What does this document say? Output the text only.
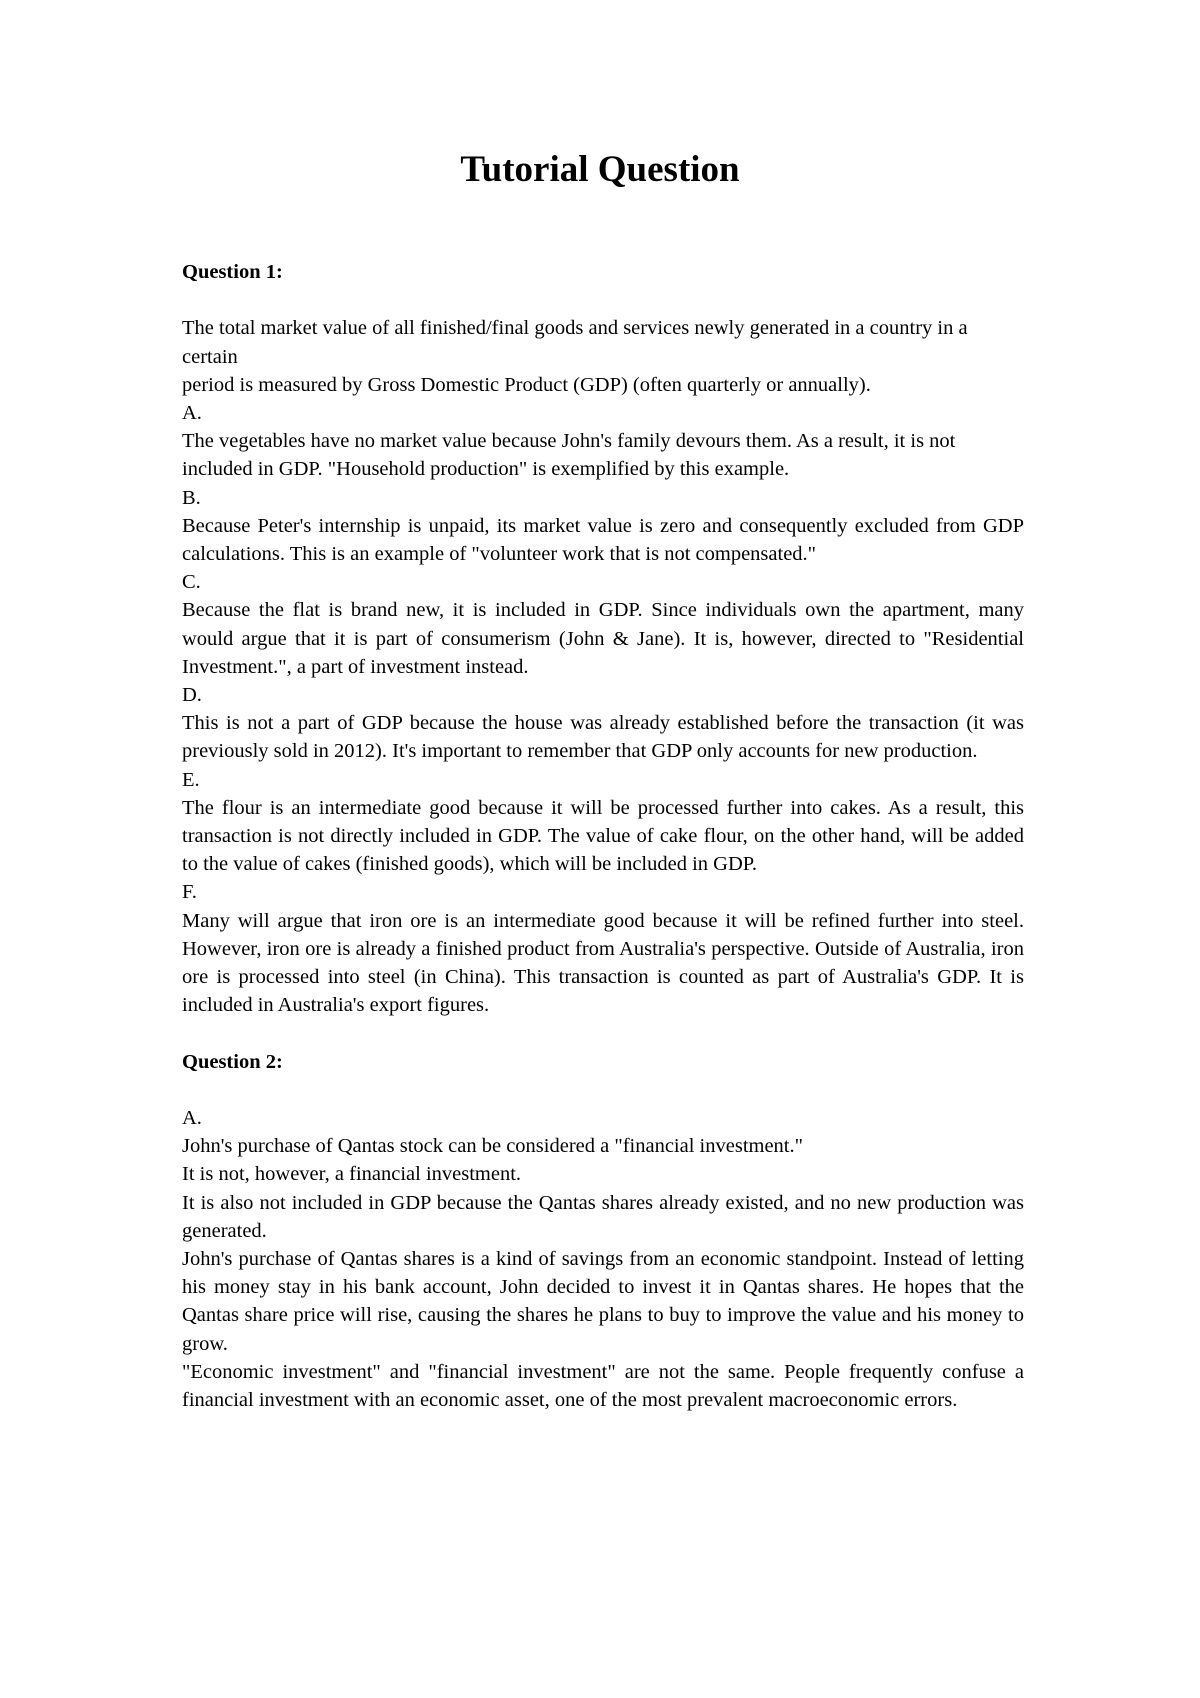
Tutorial Question

Question 1:

The total market value of all finished/final goods and services newly generated in a country in a certain

period is measured by Gross Domestic Product (GDP) (often quarterly or annually).

A.

The vegetables have no market value because John's family devours them. As a result, it is not included in GDP. "Household production" is exemplified by this example.

B.

Because Peter's internship is unpaid, its market value is zero and consequently excluded from GDP calculations. This is an example of "volunteer work that is not compensated."

C.

Because the flat is brand new, it is included in GDP. Since individuals own the apartment, many would argue that it is part of consumerism (John & Jane). It is, however, directed to "Residential Investment.", a part of investment instead.

D.

This is not a part of GDP because the house was already established before the transaction (it was previously sold in 2012). It's important to remember that GDP only accounts for new production.

E.

The flour is an intermediate good because it will be processed further into cakes. As a result, this transaction is not directly included in GDP. The value of cake flour, on the other hand, will be added to the value of cakes (finished goods), which will be included in GDP.

F.

Many will argue that iron ore is an intermediate good because it will be refined further into steel. However, iron ore is already a finished product from Australia's perspective. Outside of Australia, iron ore is processed into steel (in China). This transaction is counted as part of Australia's GDP. It is included in Australia's export figures.

Question 2:

A.

John's purchase of Qantas stock can be considered a "financial investment."

It is not, however, a financial investment.

It is also not included in GDP because the Qantas shares already existed, and no new production was generated.

John's purchase of Qantas shares is a kind of savings from an economic standpoint. Instead of letting his money stay in his bank account, John decided to invest it in Qantas shares. He hopes that the Qantas share price will rise, causing the shares he plans to buy to improve the value and his money to grow.

"Economic investment" and "financial investment" are not the same. People frequently confuse a financial investment with an economic asset, one of the most prevalent macroeconomic errors.
